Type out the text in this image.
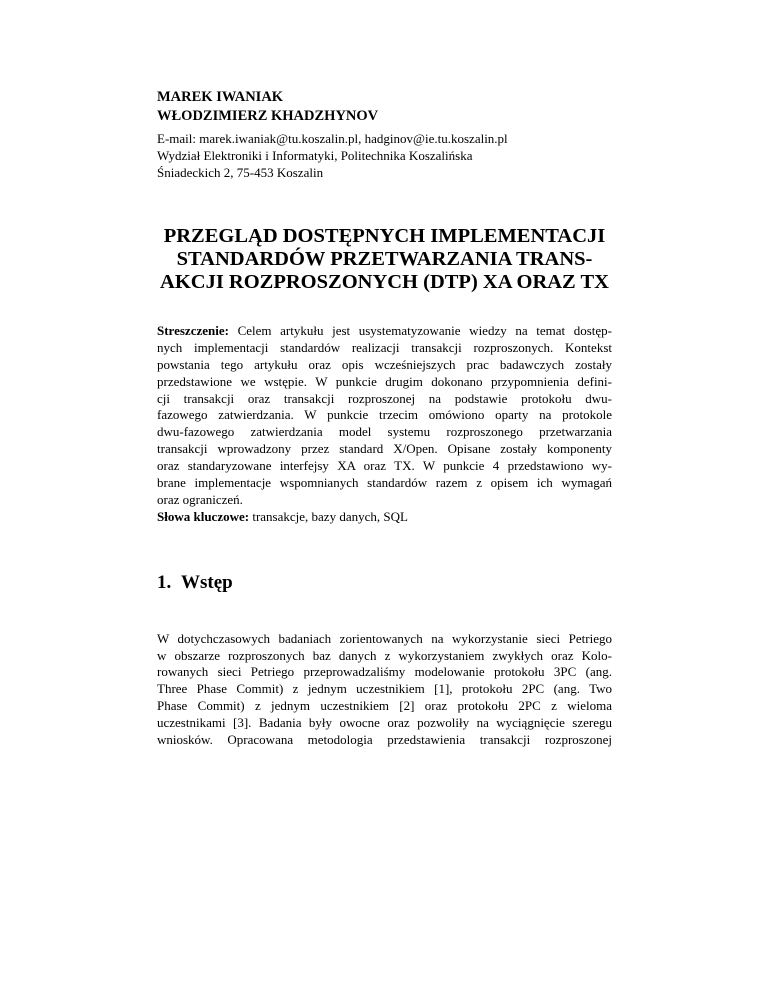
MAREK IWANIAK

WŁODZIMIERZ KHADZHYNOV

E-mail: marek.iwaniak@tu.koszalin.pl, hadginov@ie.tu.koszalin.pl

Wydział Elektroniki i Informatyki, Politechnika Koszalińska

Śniadeckich 2, 75-453 Koszalin

PRZEGLĄD DOSTĘPNYCH IMPLEMENTACJI
STANDARDÓW PRZETWARZANIA TRANS-
AKCJI ROZPROSZONYCH (DTP) XA ORAZ TX
Streszczenie: Celem artykułu jest usystematyzowanie wiedzy na temat dostęp-
nych implementacji standardów realizacji transakcji rozproszonych. Kontekst
powstania tego artykułu oraz opis wcześniejszych prac badawczych zostały
przedstawione we wstępie. W punkcie drugim dokonano przypomnienia defini-
cji transakcji oraz transakcji rozproszonej na podstawie protokołu dwu-
fazowego zatwierdzania. W punkcie trzecim omówiono oparty na protokole
dwu-fazowego zatwierdzania model systemu rozproszonego przetwarzania
transakcji wprowadzony przez standard X/Open. Opisane zostały komponenty
oraz standaryzowane interfejsy XA oraz TX. W punkcie 4 przedstawiono wy-
brane implementacje wspomnianych standardów razem z opisem ich wymagań
oraz ograniczeń.
Słowa kluczowe: transakcje, bazy danych, SQL
1. Wstęp
W dotychczasowych badaniach zorientowanych na wykorzystanie sieci Petriego
w obszarze rozproszonych baz danych z wykorzystaniem zwykłych oraz Kolo-
rowanych sieci Petriego przeprowadzaliśmy modelowanie protokołu 3PC (ang.
Three Phase Commit) z jednym uczestnikiem [1], protokołu 2PC (ang. Two
Phase Commit) z jednym uczestnikiem [2] oraz protokołu 2PC z wieloma
uczestnikami [3]. Badania były owocne oraz pozwoliły na wyciągnięcie szeregu
wniosków. Opracowana metodologia przedstawienia transakcji rozproszonej
